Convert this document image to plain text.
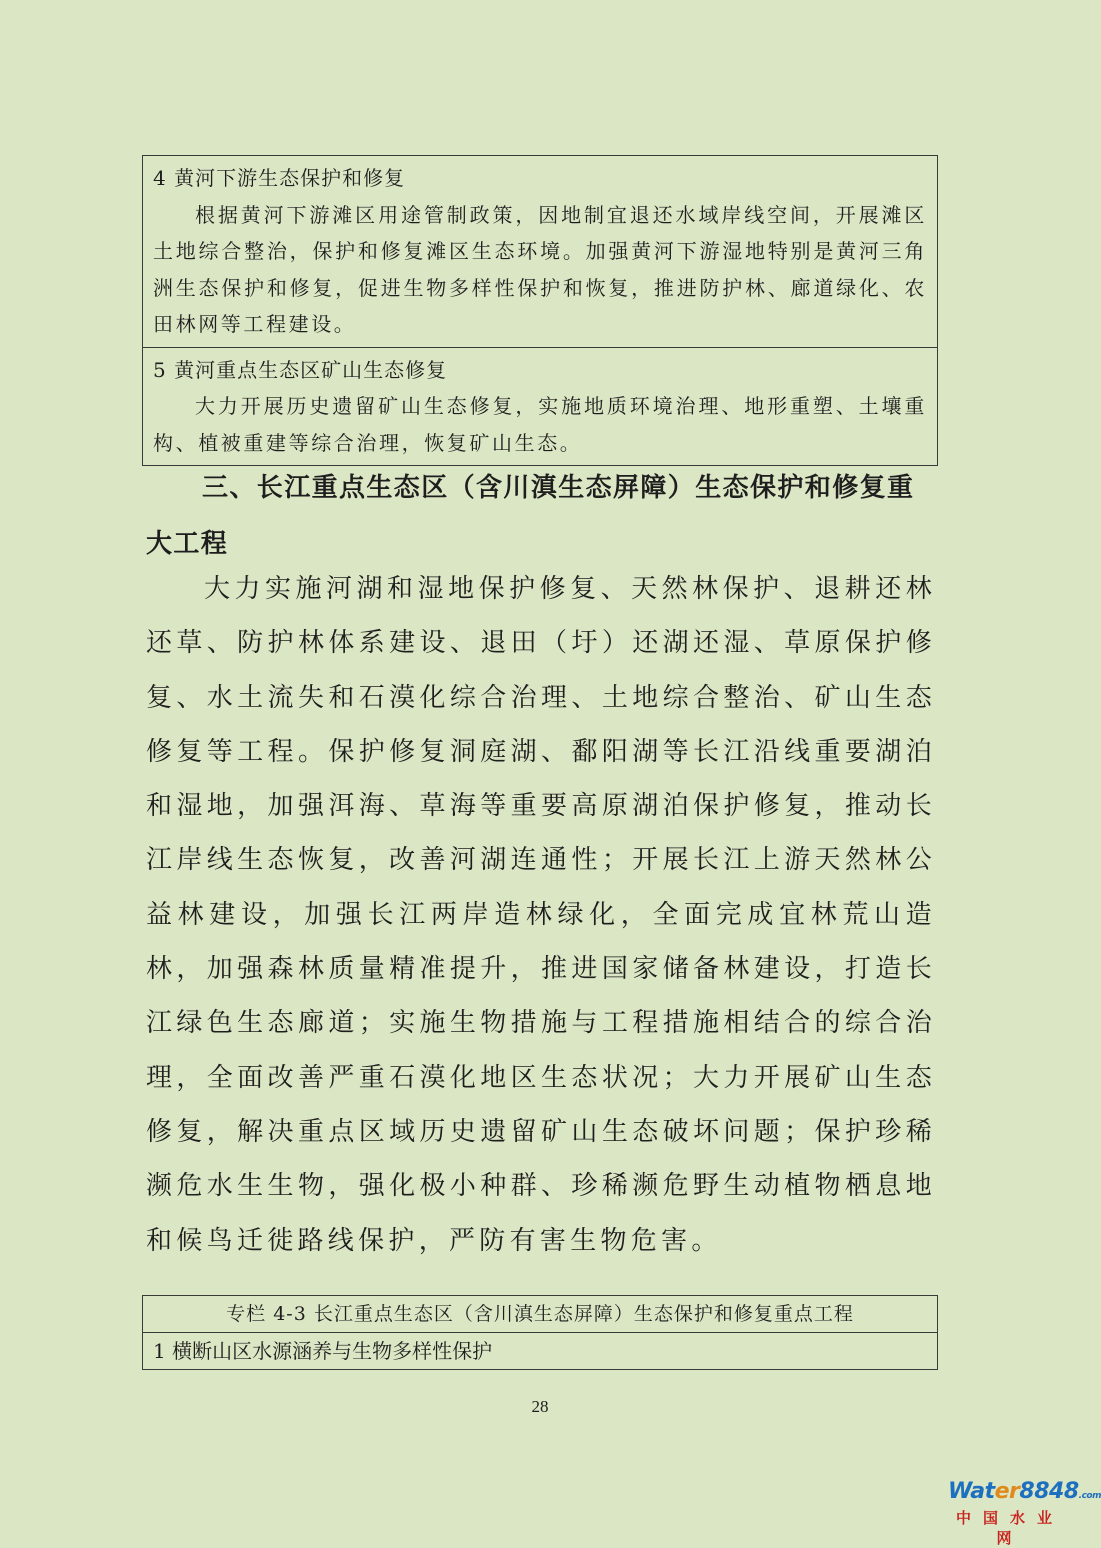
4 黄河下游生态保护和修复
根据黄河下游滩区用途管制政策，因地制宜退还水域岸线空间，开展滩区土地综合整治，保护和修复滩区生态环境。加强黄河下游湿地特别是黄河三角洲生态保护和修复，促进生物多样性保护和恢复，推进防护林、廊道绿化、农田林网等工程建设。
5 黄河重点生态区矿山生态修复
大力开展历史遗留矿山生态修复，实施地质环境治理、地形重塑、土壤重构、植被重建等综合治理，恢复矿山生态。
三、长江重点生态区（含川滇生态屏障）生态保护和修复重大工程

大力实施河湖和湿地保护修复、天然林保护、退耕还林还草、防护林体系建设、退田（圩）还湖还湿、草原保护修复、水土流失和石漠化综合治理、土地综合整治、矿山生态修复等工程。保护修复洞庭湖、鄱阳湖等长江沿线重要湖泊和湿地，加强洱海、草海等重要高原湖泊保护修复，推动长江岸线生态恢复，改善河湖连通性；开展长江上游天然林公益林建设，加强长江两岸造林绿化，全面完成宜林荒山造林，加强森林质量精准提升，推进国家储备林建设，打造长江绿色生态廊道；实施生物措施与工程措施相结合的综合治理，全面改善严重石漠化地区生态状况；大力开展矿山生态修复，解决重点区域历史遗留矿山生态破坏问题；保护珍稀濒危水生生物，强化极小种群、珍稀濒危野生动植物栖息地和候鸟迁徙路线保护，严防有害生物危害。

专栏 4-3 长江重点生态区（含川滇生态屏障）生态保护和修复重点工程
1 横断山区水源涵养与生物多样性保护
28
Water8848.com
中国水业网
